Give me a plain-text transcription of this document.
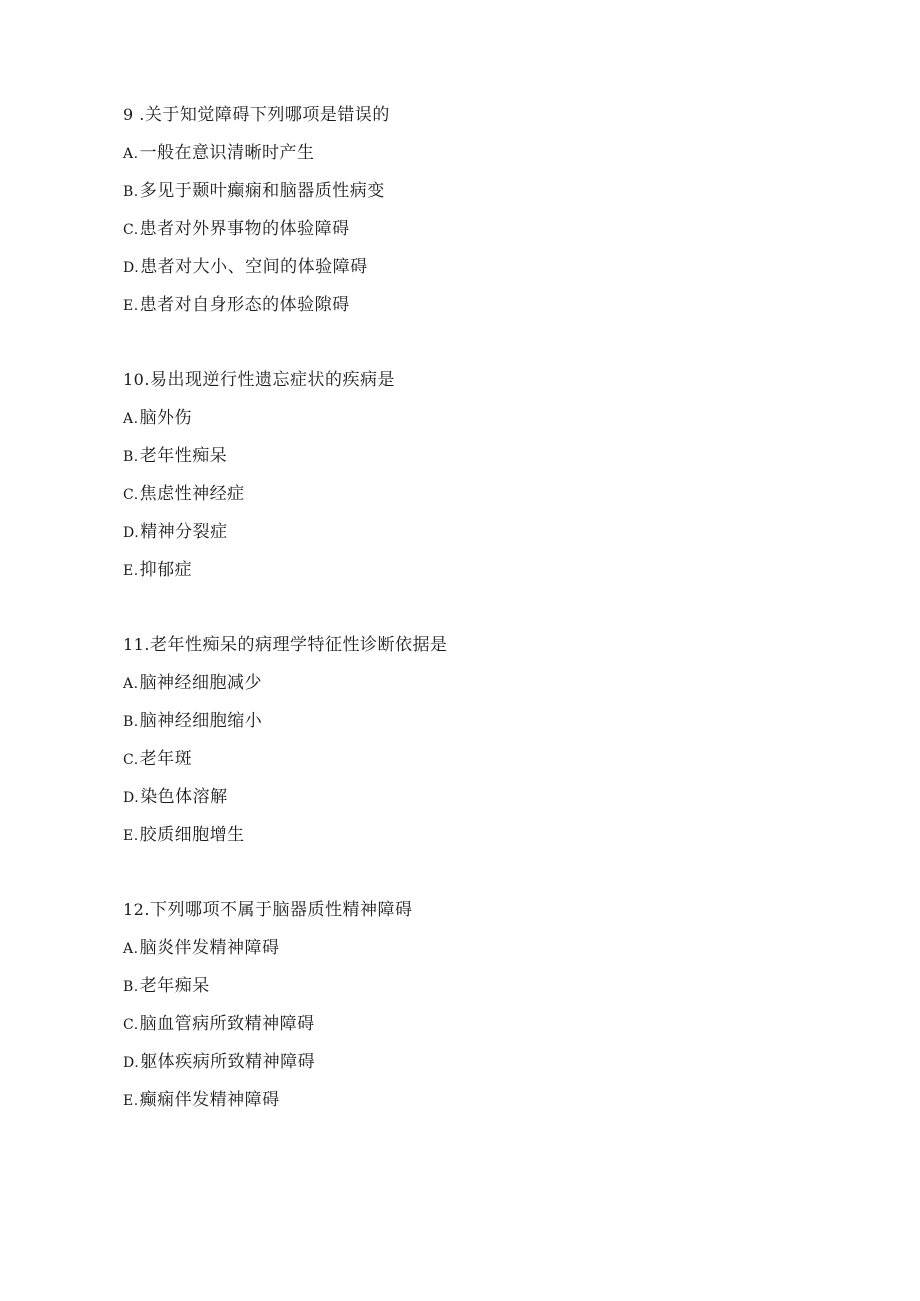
9 .关于知觉障碍下列哪项是错误的
A.一般在意识清晰时产生
B.多见于颞叶癫痫和脑器质性病变
C.患者对外界事物的体验障碍
D.患者对大小、空间的体验障碍
E.患者对自身形态的体验隙碍
10.易出现逆行性遗忘症状的疾病是
A.脑外伤
B.老年性痴呆
C.焦虑性神经症
D.精神分裂症
E.抑郁症
11.老年性痴呆的病理学特征性诊断依据是
A.脑神经细胞减少
B.脑神经细胞缩小
C.老年斑
D.染色体溶解
E.胶质细胞增生
12.下列哪项不属于脑器质性精神障碍
A.脑炎伴发精神障碍
B.老年痴呆
C.脑血管病所致精神障碍
D.躯体疾病所致精神障碍
E.癫痫伴发精神障碍
